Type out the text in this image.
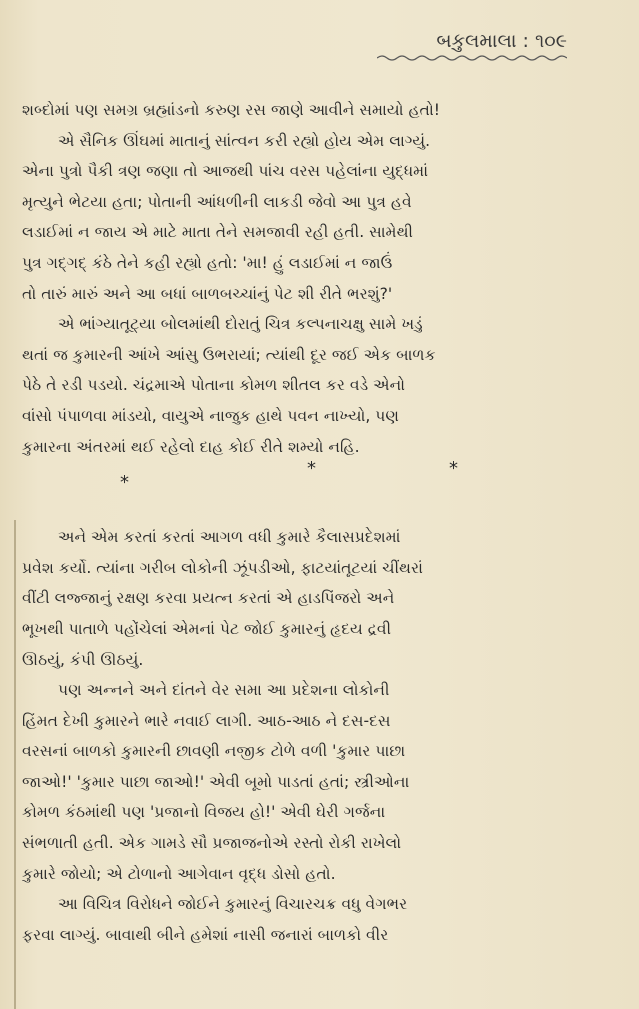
બકુલમાલા : ૧૦૯

શબ્દોમાં પણ સમગ્ર બ્રહ્માંડનો કરુણ રસ જાણે આવીને સમાયો હતો!

એ સૈનિક ઊંઘમાં માતાનું સાંત્વન કરી રહ્યો હોય એમ લાગ્યું.

એના પુત્રો પૈકી ત્રણ જણા તો આજથી પાંચ વરસ પહેલાંના યુદ્ધમાં

મૃત્યુને ભેટયા હતા; પોતાની આંધળીની લાકડી જેવો આ પુત્ર હવે

લડાઈમાં ન જાય એ માટે માતા તેને સમજાવી રહી હતી. સામેથી

પુત્ર ગદ્ગદ્ કંઠે તેને કહી રહ્યો હતો: 'મા! હું લડાઈમાં ન જાઉં

તો તારું મારું અને આ બધાં બાળબચ્ચાંનું પેટ શી રીતે ભરશું?'

એ ભાંગ્યાતૂટ્યા બોલમાંથી દોરાતું ચિત્ર કલ્પનાચક્ષુ સામે ખડું

થતાં જ કુમારની આંખે આંસુ ઉભરાયાં; ત્યાંથી દૂર જઈ એક બાળક

પેઠે તે રડી પડયો. ચંદ્રમાએ પોતાના કોમળ શીતલ કર વડે એનો

વાંસો પંપાળવા માંડયો, વાયુએ નાજુક હાથે પવન નાખ્યો, પણ

કુમારના અંતરમાં થઈ રહેલો દાહ કોઈ રીતે શમ્યો નહિ.

*
*	*

અને એમ કરતાં કરતાં આગળ વધી કુમારે કૈલાસપ્રદેશમાં

પ્રવેશ કર્યો. ત્યાંના ગરીબ લોકોની ઝૂંપડીઓ, ફાટયાંતૂટયાં ચીંથરાં

વીંટી લજ્જાનું રક્ષણ કરવા પ્રયત્ન કરતાં એ હાડપિંજરો અને

ભૂખથી પાતાળે પહોંચેલાં એમનાં પેટ જોઈ કુમારનું હૃદય દ્રવી

ઊઠયું, કંપી ઊઠયું.

પણ અન્નને અને દાંતને વેર સમા આ પ્રદેશના લોકોની

હિંમત દેખી કુમારને ભારે નવાઈ લાગી. આઠ-આઠ ને દસ-દસ

વરસનાં બાળકો કુમારની છાવણી નજીક ટોળે વળી 'કુમાર પાછા

જાઓ!' 'કુમાર પાછા જાઓ!' એવી બૂમો પાડતાં હતાં; સ્ત્રીઓના

કોમળ કંઠમાંથી પણ 'પ્રજાનો વિજય હો!' એવી ઘેરી ગર્જના

સંભળાતી હતી. એક ગામડે સૌ પ્રજાજનોએ રસ્તો રોકી રાખેલો

કુમારે જોયો; એ ટોળાનો આગેવાન વૃદ્ધ ડોસો હતો.

આ વિચિત્ર વિરોધને જોઈને કુમારનું વિચારચક્ર વધુ વેગભર

ફરવા લાગ્યું. બાવાથી બીને હમેશાં નાસી જનારાં બાળકો વીર
